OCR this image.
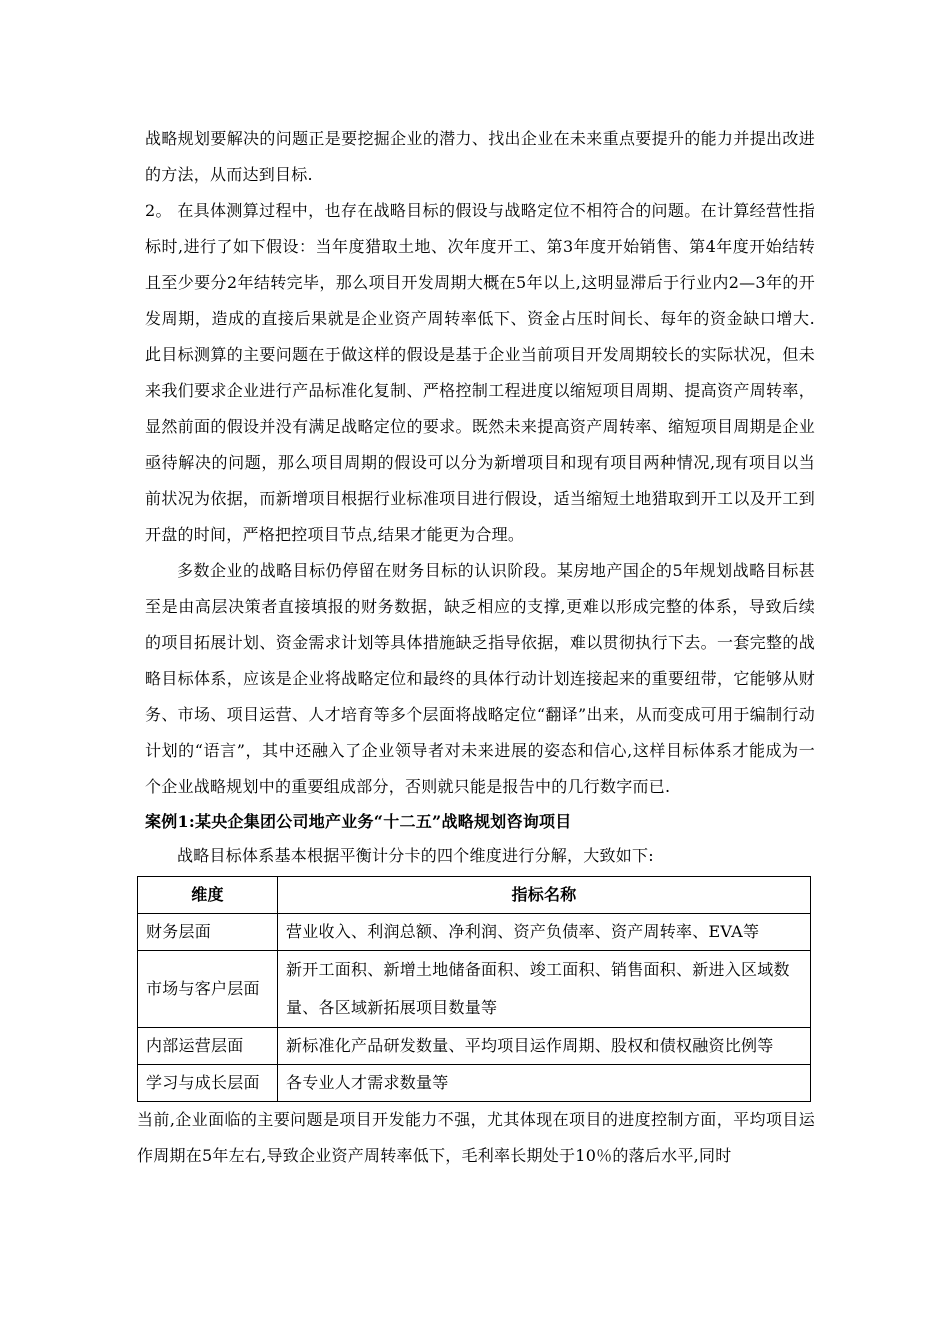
战略规划要解决的问题正是要挖掘企业的潜力、找出企业在未来重点要提升的能力并提出改进的方法，从而达到目标.

2。 在具体测算过程中，也存在战略目标的假设与战略定位不相符合的问题。在计算经营性指标时,进行了如下假设：当年度猎取土地、次年度开工、第3年度开始销售、第4年度开始结转且至少要分2年结转完毕，那么项目开发周期大概在5年以上,这明显滞后于行业内2—3年的开发周期，造成的直接后果就是企业资产周转率低下、资金占压时间长、每年的资金缺口增大.此目标测算的主要问题在于做这样的假设是基于企业当前项目开发周期较长的实际状况，但未来我们要求企业进行产品标准化复制、严格控制工程进度以缩短项目周期、提高资产周转率，显然前面的假设并没有满足战略定位的要求。既然未来提高资产周转率、缩短项目周期是企业亟待解决的问题，那么项目周期的假设可以分为新增项目和现有项目两种情况,现有项目以当前状况为依据，而新增项目根据行业标准项目进行假设，适当缩短土地猎取到开工以及开工到开盘的时间，严格把控项目节点,结果才能更为合理。

多数企业的战略目标仍停留在财务目标的认识阶段。某房地产国企的5年规划战略目标甚至是由高层决策者直接填报的财务数据，缺乏相应的支撑,更难以形成完整的体系，导致后续的项目拓展计划、资金需求计划等具体措施缺乏指导依据，难以贯彻执行下去。一套完整的战略目标体系，应该是企业将战略定位和最终的具体行动计划连接起来的重要纽带，它能够从财务、市场、项目运营、人才培育等多个层面将战略定位“翻译”出来，从而变成可用于编制行动计划的“语言”，其中还融入了企业领导者对未来进展的姿态和信心,这样目标体系才能成为一个企业战略规划中的重要组成部分，否则就只能是报告中的几行数字而已.

案例1:某央企集团公司地产业务“十二五”战略规划咨询项目

战略目标体系基本根据平衡计分卡的四个维度进行分解，大致如下:

维度	指标名称
财务层面	营业收入、利润总额、净利润、资产负债率、资产周转率、EVA等
市场与客户层面	新开工面积、新增土地储备面积、竣工面积、销售面积、新进入区域数量、各区域新拓展项目数量等
内部运营层面	新标准化产品研发数量、平均项目运作周期、股权和债权融资比例等
学习与成长层面	各专业人才需求数量等

当前,企业面临的主要问题是项目开发能力不强，尤其体现在项目的进度控制方面，平均项目运作周期在5年左右,导致企业资产周转率低下，毛利率长期处于10％的落后水平,同时
